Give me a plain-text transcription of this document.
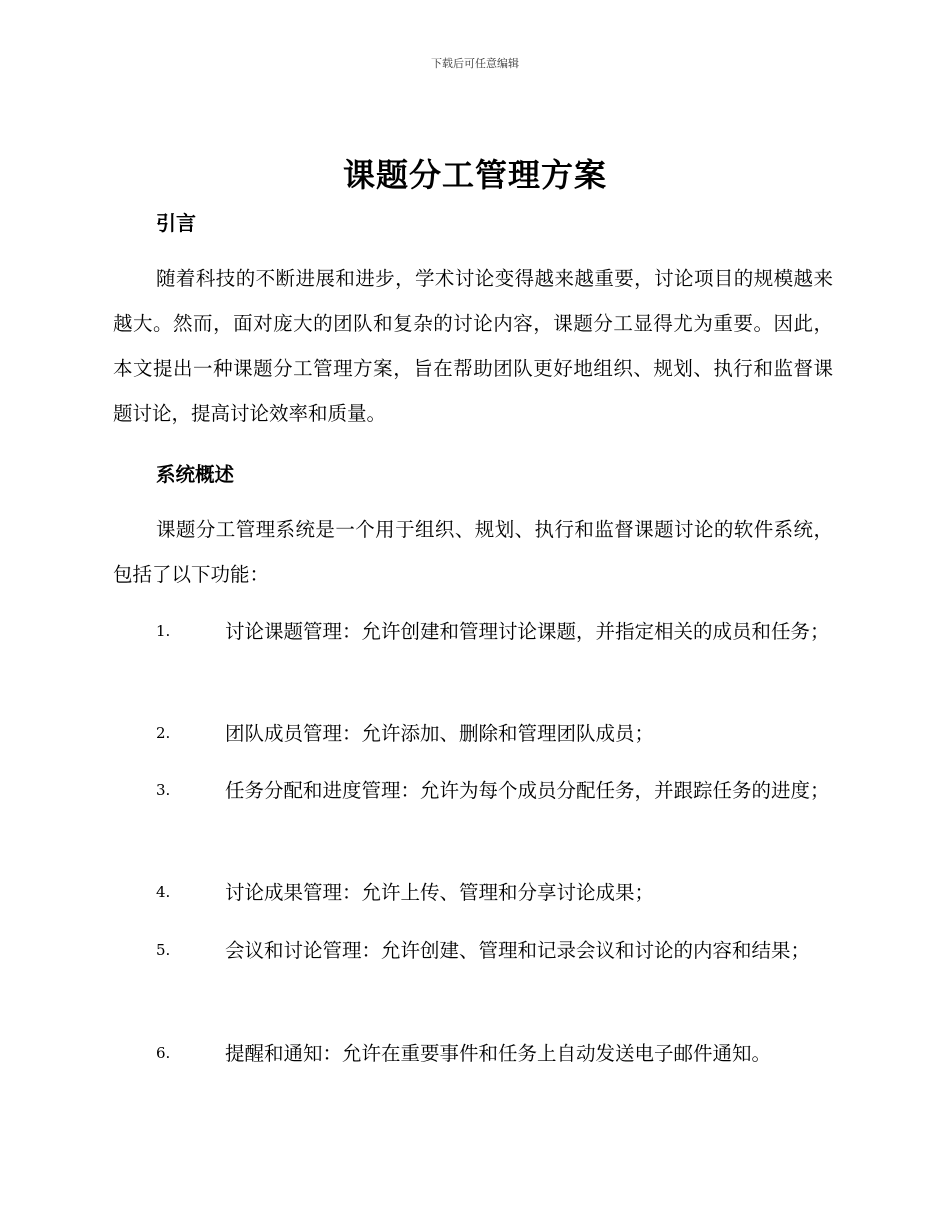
下载后可任意编辑
课题分工管理方案
引言

随着科技的不断进展和进步，学术讨论变得越来越重要，讨论项目的规模越来越大。然而，面对庞大的团队和复杂的讨论内容，课题分工显得尤为重要。因此，本文提出一种课题分工管理方案，旨在帮助团队更好地组织、规划、执行和监督课题讨论，提高讨论效率和质量。

系统概述

课题分工管理系统是一个用于组织、规划、执行和监督课题讨论的软件系统，包括了以下功能：

1.	讨论课题管理：允许创建和管理讨论课题，并指定相关的成员和任务；
2.	团队成员管理：允许添加、删除和管理团队成员；
3.	任务分配和进度管理：允许为每个成员分配任务，并跟踪任务的进度；
4.	讨论成果管理：允许上传、管理和分享讨论成果；
5.	会议和讨论管理：允许创建、管理和记录会议和讨论的内容和结果；
6.	提醒和通知：允许在重要事件和任务上自动发送电子邮件通知。
